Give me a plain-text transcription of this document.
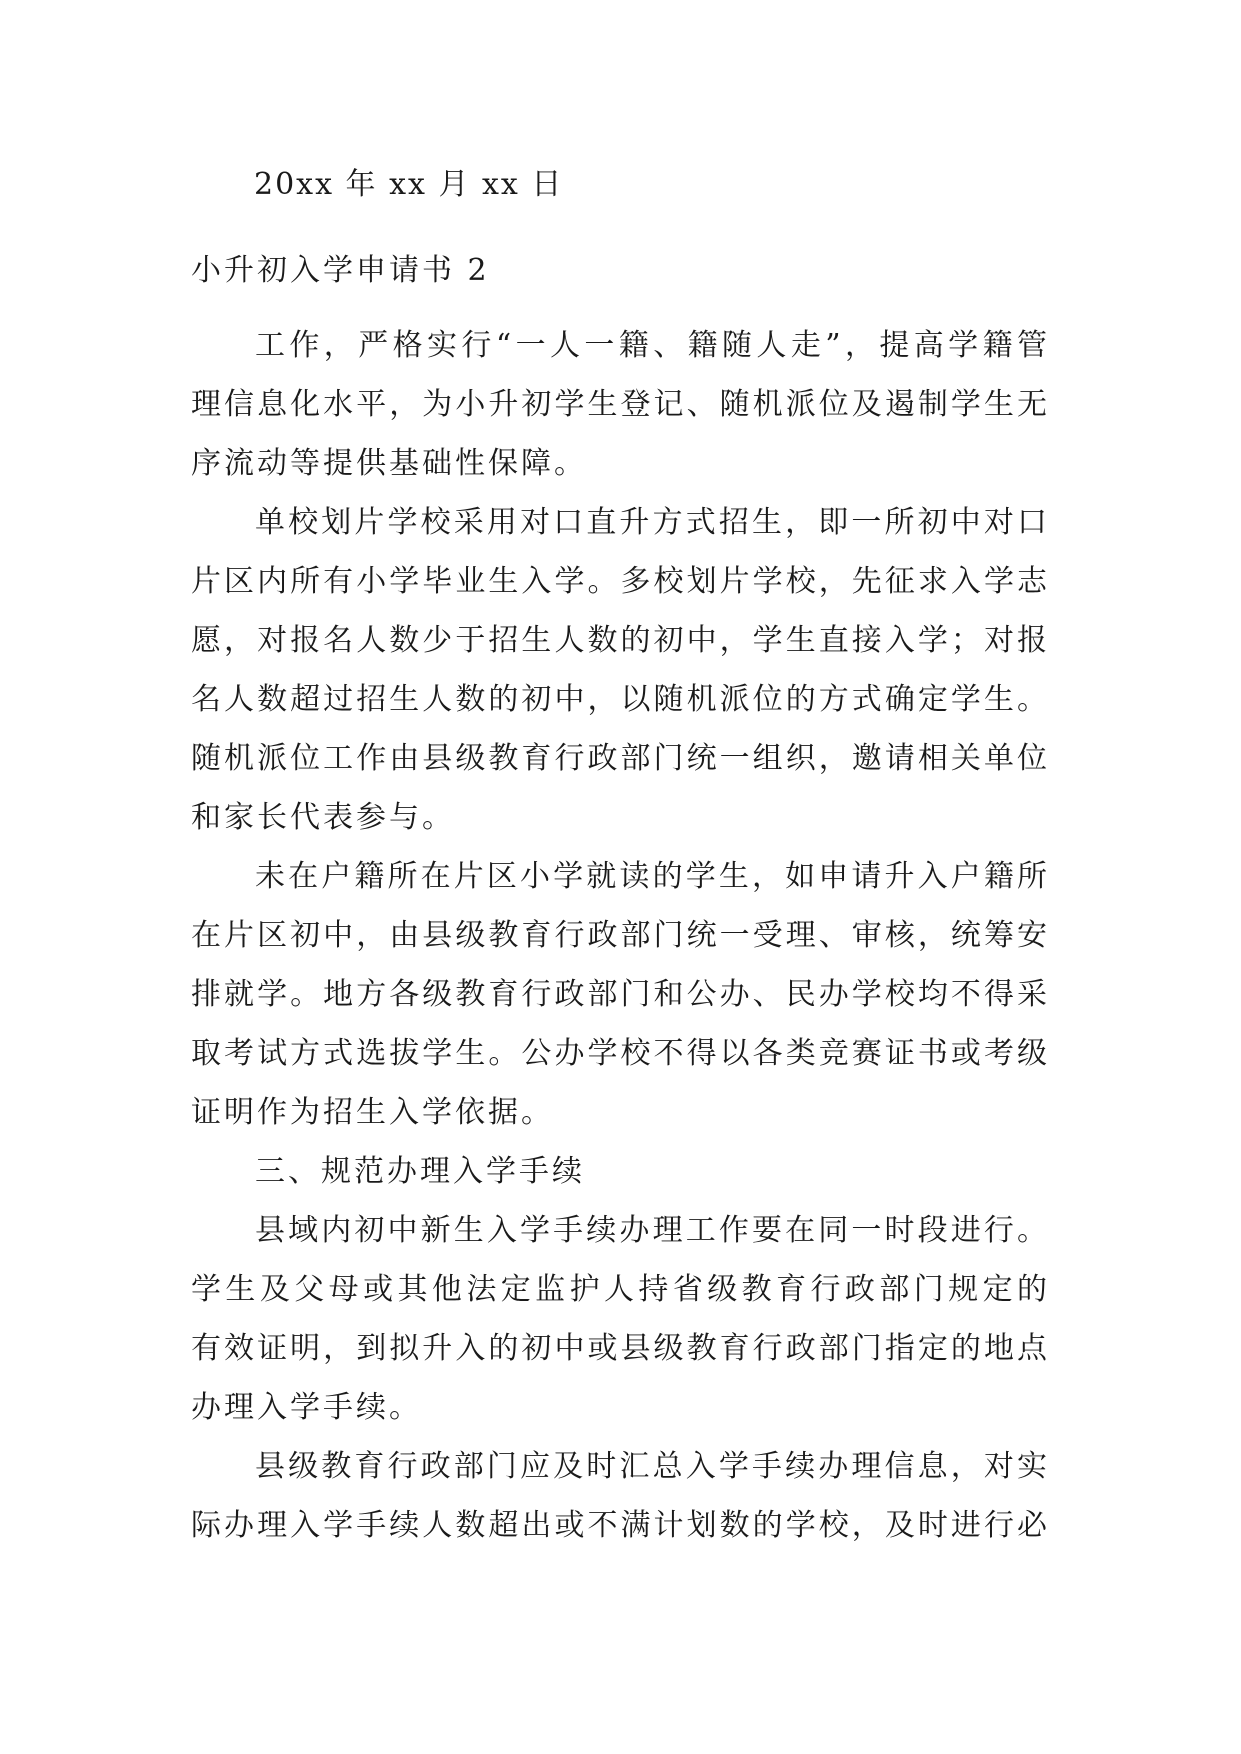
20xx 年 xx 月 xx 日
小升初入学申请书 2
工作，严格实行“一人一籍、籍随人走”，提高学籍管
理信息化水平，为小升初学生登记、随机派位及遏制学生无
序流动等提供基础性保障。
单校划片学校采用对口直升方式招生，即一所初中对口
片区内所有小学毕业生入学。多校划片学校，先征求入学志
愿，对报名人数少于招生人数的初中，学生直接入学；对报
名人数超过招生人数的初中，以随机派位的方式确定学生。
随机派位工作由县级教育行政部门统一组织，邀请相关单位
和家长代表参与。
未在户籍所在片区小学就读的学生，如申请升入户籍所
在片区初中，由县级教育行政部门统一受理、审核，统筹安
排就学。地方各级教育行政部门和公办、民办学校均不得采
取考试方式选拔学生。公办学校不得以各类竞赛证书或考级
证明作为招生入学依据。
三、规范办理入学手续
县域内初中新生入学手续办理工作要在同一时段进行。
学生及父母或其他法定监护人持省级教育行政部门规定的
有效证明，到拟升入的初中或县级教育行政部门指定的地点
办理入学手续。
县级教育行政部门应及时汇总入学手续办理信息，对实
际办理入学手续人数超出或不满计划数的学校，及时进行必
